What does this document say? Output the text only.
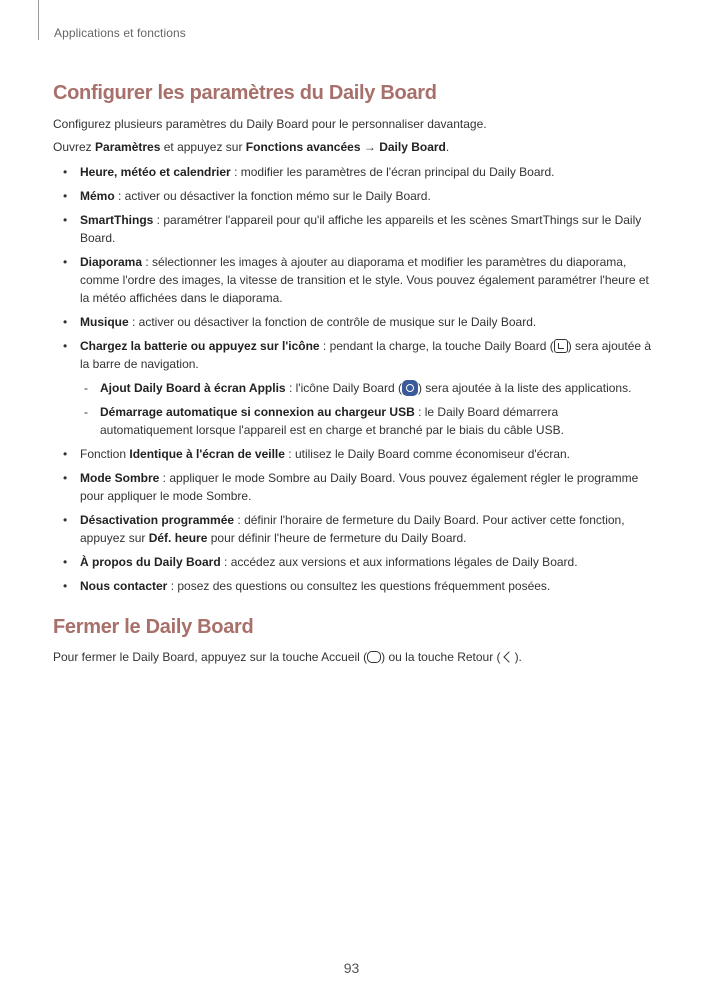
Applications et fonctions
Configurer les paramètres du Daily Board
Configurez plusieurs paramètres du Daily Board pour le personnaliser davantage.
Ouvrez Paramètres et appuyez sur Fonctions avancées → Daily Board.
• Heure, météo et calendrier : modifier les paramètres de l'écran principal du Daily Board.
• Mémo : activer ou désactiver la fonction mémo sur le Daily Board.
• SmartThings : paramétrer l'appareil pour qu'il affiche les appareils et les scènes SmartThings sur le Daily Board.
• Diaporama : sélectionner les images à ajouter au diaporama et modifier les paramètres du diaporama, comme l'ordre des images, la vitesse de transition et le style. Vous pouvez également paramétrer l'heure et la météo affichées dans le diaporama.
• Musique : activer ou désactiver la fonction de contrôle de musique sur le Daily Board.
• Chargez la batterie ou appuyez sur l'icône : pendant la charge, la touche Daily Board ( ) sera ajoutée à la barre de navigation.
- Ajout Daily Board à écran Applis : l'icône Daily Board ( ) sera ajoutée à la liste des applications.
- Démarrage automatique si connexion au chargeur USB : le Daily Board démarrera automatiquement lorsque l'appareil est en charge et branché par le biais du câble USB.
• Fonction Identique à l'écran de veille : utilisez le Daily Board comme économiseur d'écran.
• Mode Sombre : appliquer le mode Sombre au Daily Board. Vous pouvez également régler le programme pour appliquer le mode Sombre.
• Désactivation programmée : définir l'horaire de fermeture du Daily Board. Pour activer cette fonction, appuyez sur Déf. heure pour définir l'heure de fermeture du Daily Board.
• À propos du Daily Board : accédez aux versions et aux informations légales de Daily Board.
• Nous contacter : posez des questions ou consultez les questions fréquemment posées.
Fermer le Daily Board
Pour fermer le Daily Board, appuyez sur la touche Accueil ( ) ou la touche Retour ( ).
93
